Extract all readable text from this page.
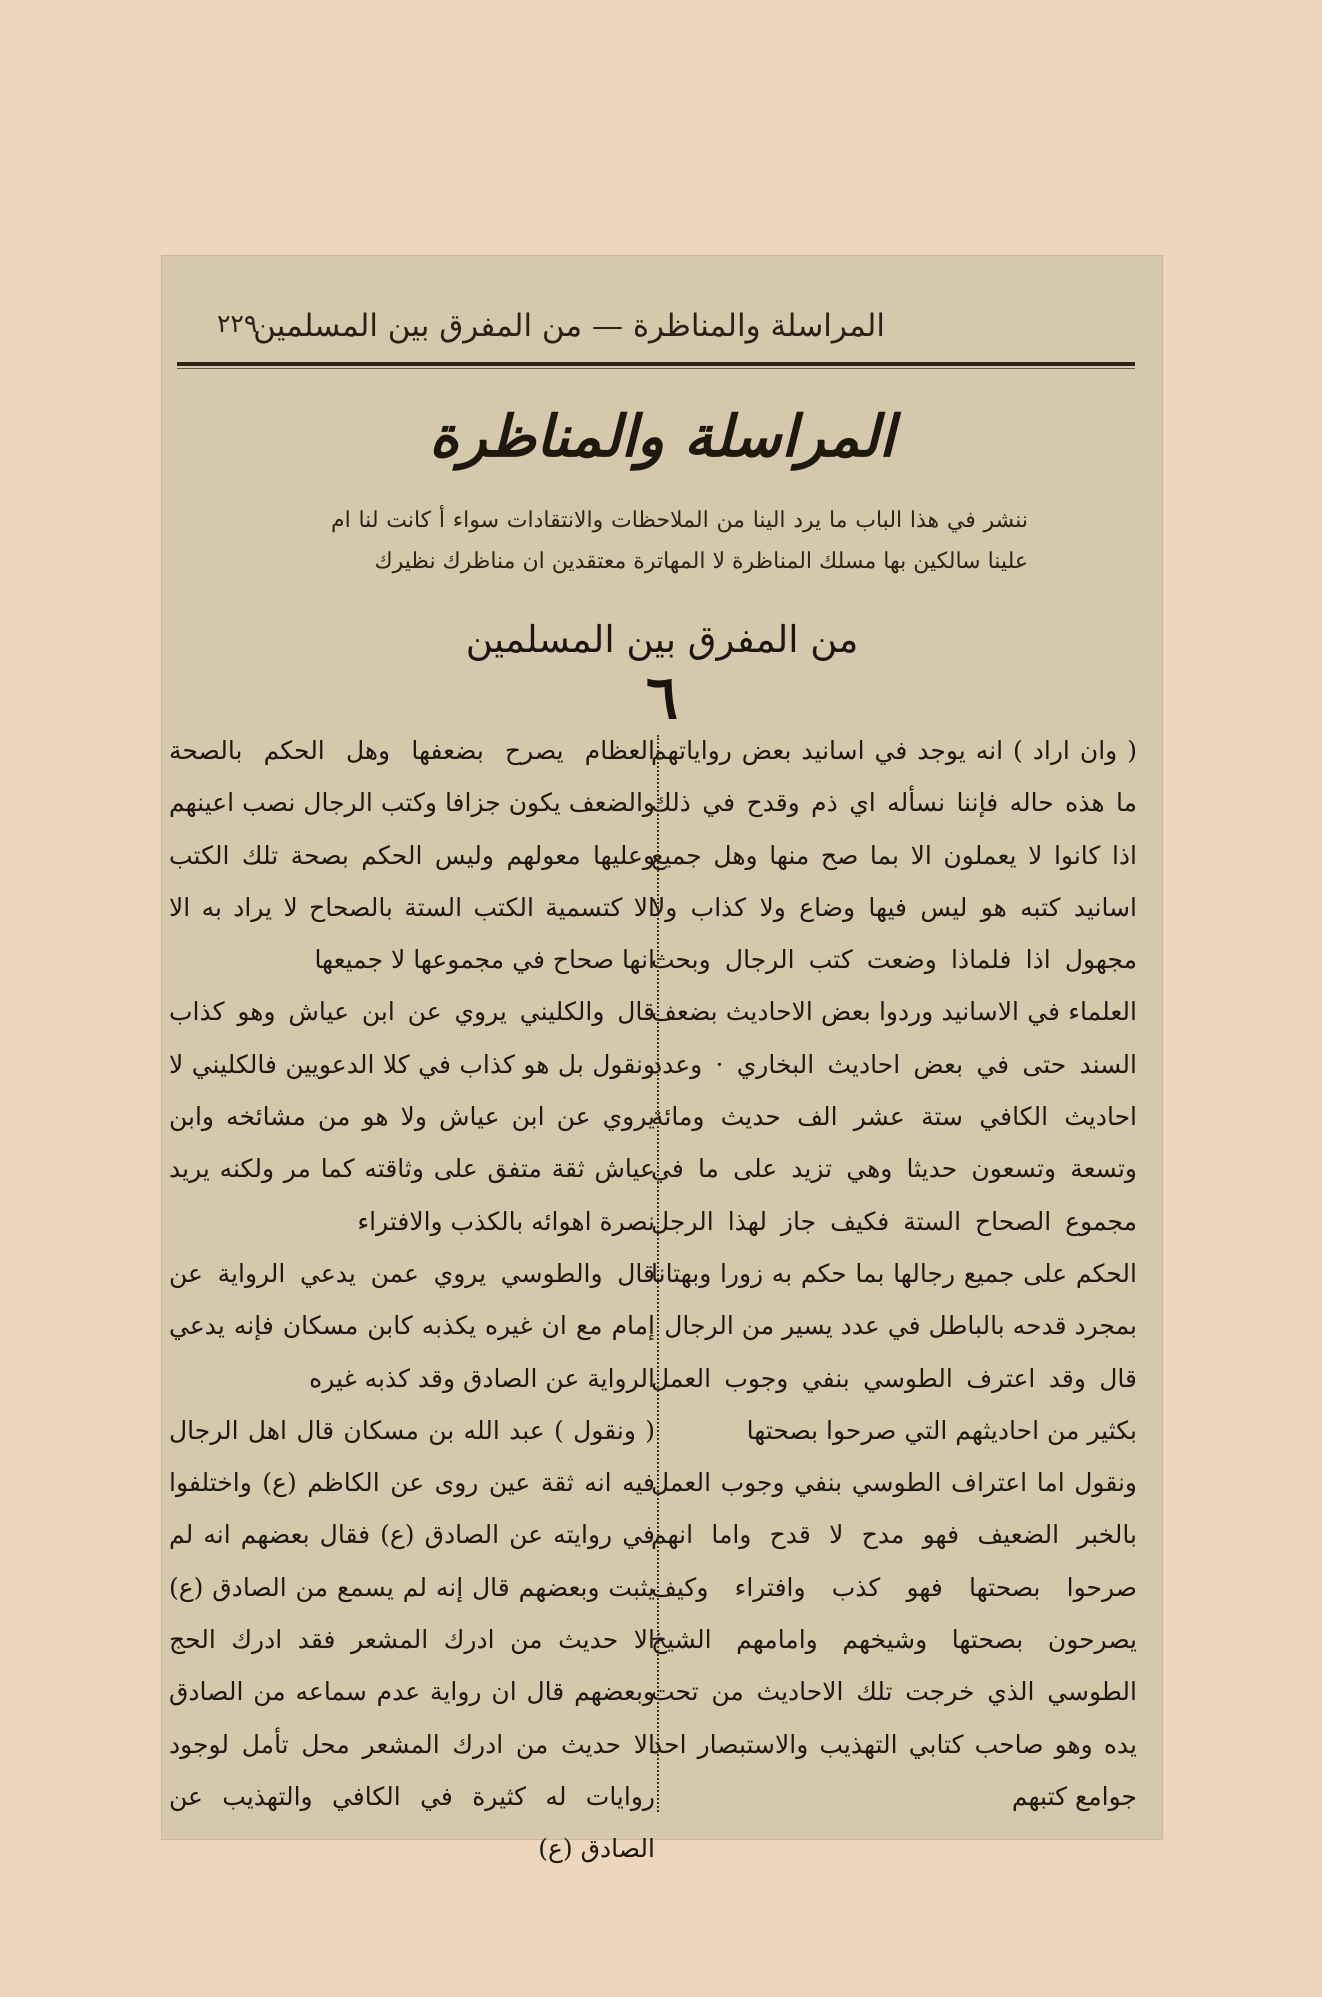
المراسلة والمناظرة — من المفرق بين المسلمين
٢٢٩
المراسلة والمناظرة
ننشر في هذا الباب ما يرد الينا من الملاحظات والانتقادات سواء أ كانت لنا ام علينا سالكين بها مسلك المناظرة لا المهاترة معتقدين ان مناظرك نظيرك
من المفرق بين المسلمين
٦

( وان اراد ) انه يوجد في اسانيد بعض رواياتهم ما هذه حاله فإننا نسأله اي ذم وقدح في ذلك اذا كانوا لا يعملون الا بما صح منها وهل جميع اسانيد كتبه هو ليس فيها وضاع ولا كذاب ولا مجهول اذا فلماذا وضعت كتب الرجال وبحث العلماء في الاسانيد وردوا بعض الاحاديث بضعف السند حتى في بعض احاديث البخاري · وعدد احاديث الكافي ستة عشر الف حديث ومائة وتسعة وتسعون حديثا وهي تزيد على ما في مجموع الصحاح الستة فكيف جاز لهذا الرجل الحكم على جميع رجالها بما حكم به زورا وبهتانا بمجرد قدحه بالباطل في عدد يسير من الرجال

قال وقد اعترف الطوسي بنفي وجوب العمل بكثير من احاديثهم التي صرحوا بصحتها

ونقول اما اعتراف الطوسي بنفي وجوب العمل بالخبر الضعيف فهو مدح لا قدح واما انهم صرحوا بصحتها فهو كذب وافتراء وكيف يصرحون بصحتها وشيخهم وامامهم الشيخ الطوسي الذي خرجت تلك الاحاديث من تحت يده وهو صاحب كتابي التهذيب والاستبصار احد جوامع كتبهم

العظام يصرح بضعفها وهل الحكم بالصحة والضعف يكون جزافا وكتب الرجال نصب اعينهم وعليها معولهم وليس الحكم بصحة تلك الكتب الا كتسمية الكتب الستة بالصحاح لا يراد به الا انها صحاح في مجموعها لا جميعها

قال والكليني يروي عن ابن عياش وهو كذاب ونقول بل هو كذاب في كلا الدعويين فالكليني لا يروي عن ابن عياش ولا هو من مشائخه وابن عياش ثقة متفق على وثاقته كما مر ولكنه يريد نصرة اهوائه بالكذب والافتراء

قال والطوسي يروي عمن يدعي الرواية عن إمام مع ان غيره يكذبه كابن مسكان فإنه يدعي الرواية عن الصادق وقد كذبه غيره

( ونقول ) عبد الله بن مسكان قال اهل الرجال فيه انه ثقة عين روى عن الكاظم (ع) واختلفوا في روايته عن الصادق (ع) فقال بعضهم انه لم يثبت وبعضهم قال إنه لم يسمع من الصادق (ع) الا حديث من ادرك المشعر فقد ادرك الحج وبعضهم قال ان رواية عدم سماعه من الصادق الا حديث من ادرك المشعر محل تأمل لوجود روايات له كثيرة في الكافي والتهذيب عن الصادق (ع)
